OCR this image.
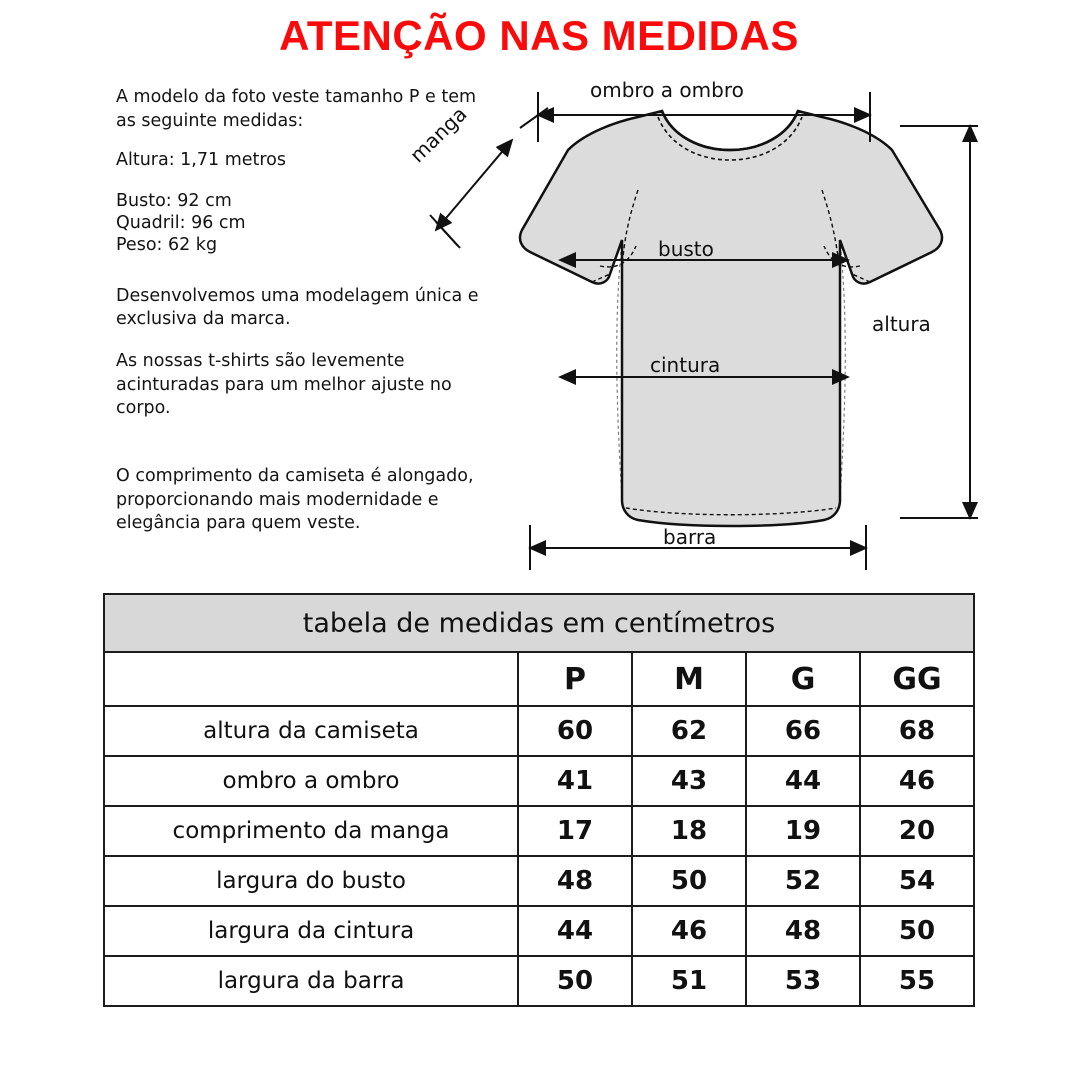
ATENÇÃO NAS MEDIDAS

A modelo da foto veste tamanho P e tem as seguinte medidas:

Altura: 1,71 metros

Busto: 92 cm

Quadril: 96 cm

Peso: 62 kg

Desenvolvemos uma modelagem única e exclusiva da marca.

As nossas t-shirts são levemente acinturadas para um melhor ajuste no corpo.

O comprimento da camiseta é alongado, proporcionando mais modernidade e elegância para quem veste.

ombro a ombro
manga
busto
cintura
altura
barra
tabela de medidas em centímetros				
	P	M	G	GG
altura da camiseta	60	62	66	68
ombro a ombro	41	43	44	46
comprimento da manga	17	18	19	20
largura do busto	48	50	52	54
largura da cintura	44	46	48	50
largura da barra	50	51	53	55
